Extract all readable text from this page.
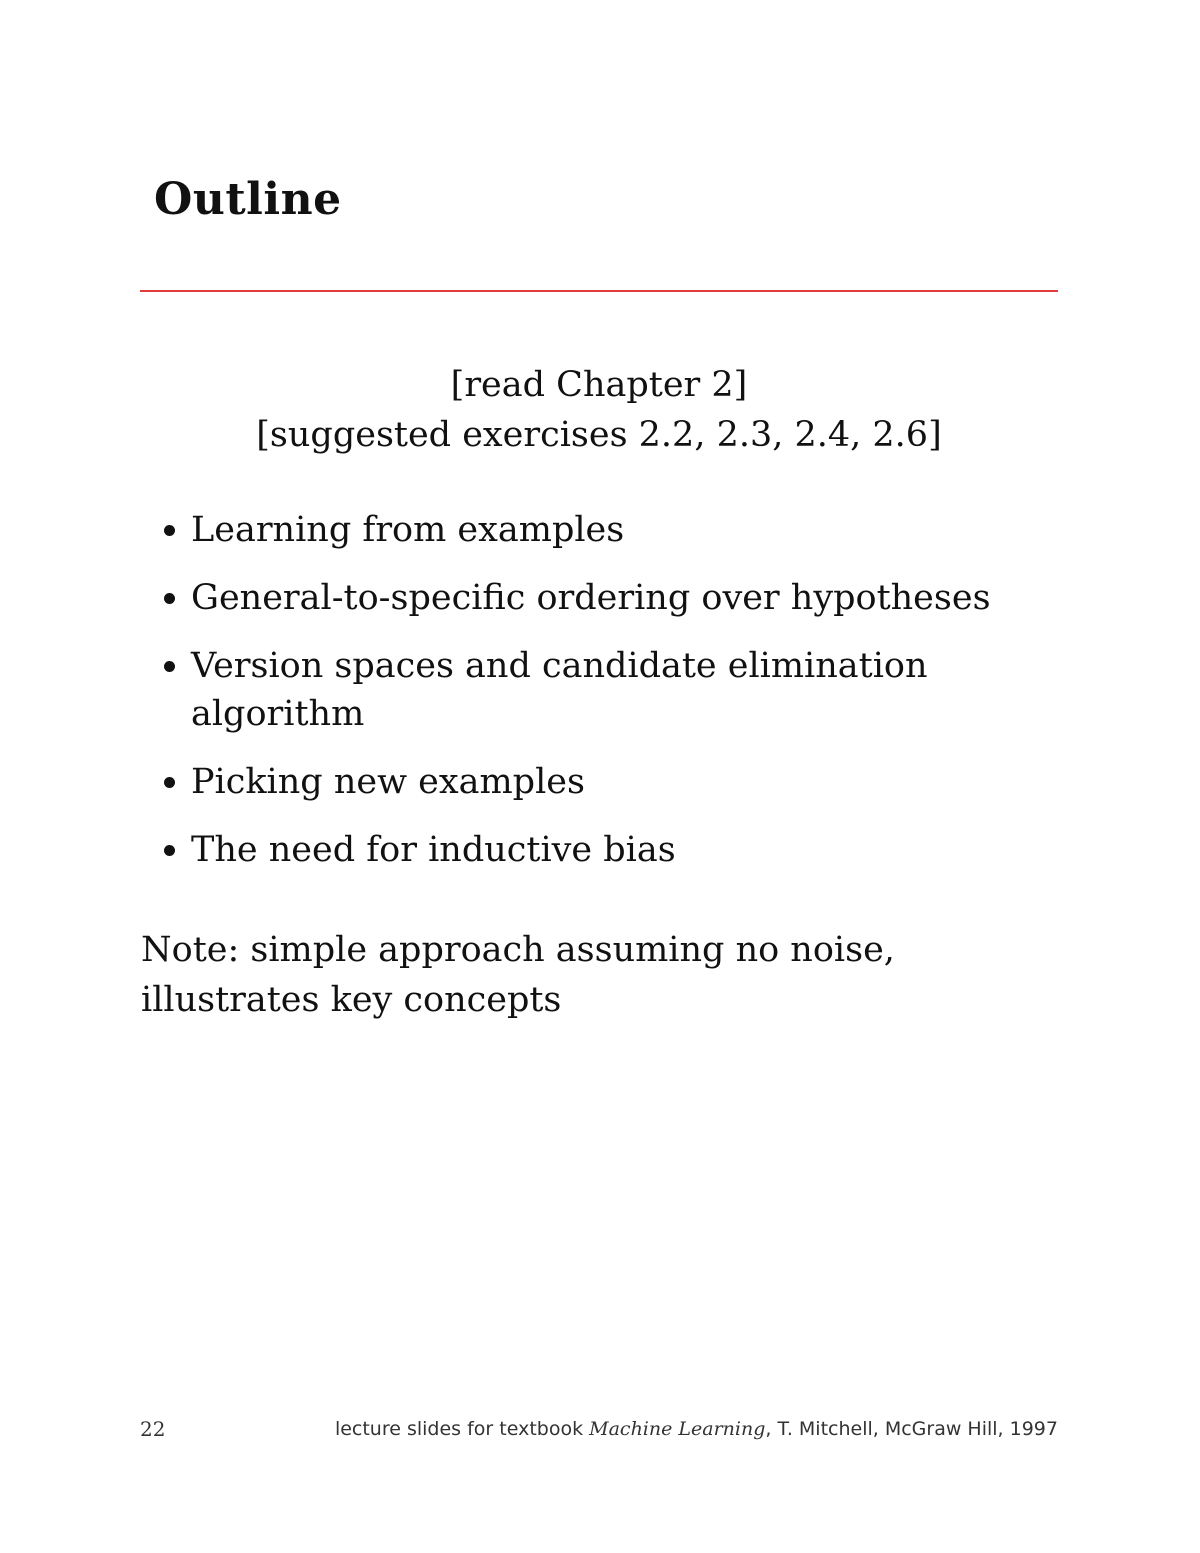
Outline
[read Chapter 2]
[suggested exercises 2.2, 2.3, 2.4, 2.6]
Learning from examples
General-to-specific ordering over hypotheses
Version spaces and candidate elimination algorithm
Picking new examples
The need for inductive bias
Note: simple approach assuming no noise, illustrates key concepts
22	lecture slides for textbook Machine Learning, T. Mitchell, McGraw Hill, 1997
